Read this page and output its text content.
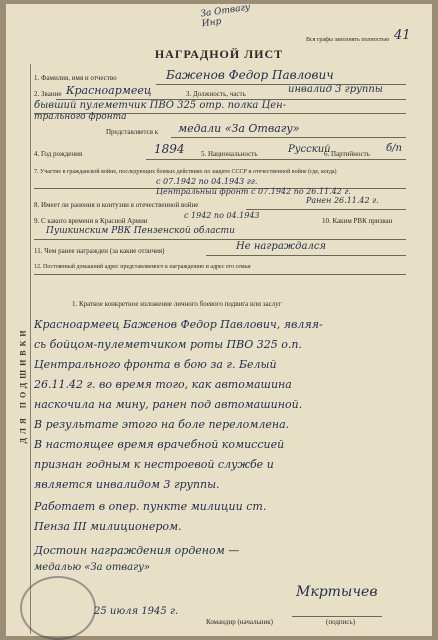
За Отвагу
Инр
Вся графы заполнять полностью 41
НАГРАДНОЙ ЛИСТ
ДЛЯ ПОДШИВКИ
1. Фамилия, имя и отчество	Баженов Федор Павлович
2. Звание Красноармеец	3. Должность, часть	инвалид 3 группы
бывший пулеметчик ПВО 325 отр. полка Цен-
трального фронта
Представляется к медали «За Отвагу»
4. Год рождения	1894 5. Национальность	Русский
6. Партийность б/п
7. Участие в гражданской войне, последующих боевых действиях по защите СССР и отечественной войне (где, когда)
с 07.1942 по 04.1943 гг.
Центральный фронт с 07.1942 по 26.11.42 г.
8. Имеет ли ранения и контузии в отечественной войне	Ранен 26.11.42 г.
9. С какого времени в Красной Армии
с 1942 по 04.1943
10. Каким РВК призван
Пушкинским РВК Пензенской области
11. Чем ранее награжден (за какие отличия)	Не награждался
12. Постоянный домашний адрес представляемого к награждению и адрес его семьи
1. Краткое конкретное изложение личного боевого подвига или заслуг
Красноармеец Баженов Федор Павлович, являя-
сь бойцом-пулеметчиком роты ПВО 325 о.п.
Центрального фронта в бою за г. Белый
26.11.42 г. во время того, как автомашина
наскочила на мину, ранен под автомашиной.
В результате этого на боле переломлена.
В настоящее время врачебной комиссией
признан годным к нестроевой службе и
является инвалидом 3 группы.
Работает в опер. пункте милиции ст.
Пенза III милиционером.
Достоин награждения орденом —
медалью «За отвагу»
Мкртычев
25 июля 1945 г.
Командир (начальник)	(подпись)
